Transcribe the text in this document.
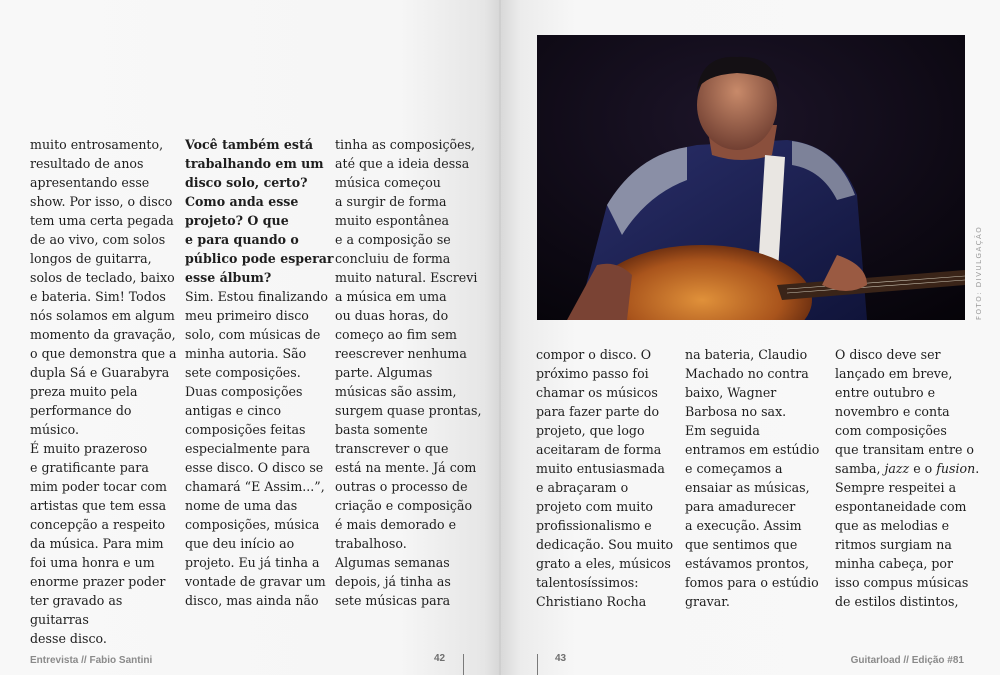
muito entrosamento,

resultado de anos

apresentando esse

show. Por isso, o disco

tem uma certa pegada

de ao vivo, com solos

longos de guitarra,

solos de teclado, baixo

e bateria. Sim! Todos

nós solamos em algum

momento da gravação,

o que demonstra que a

dupla Sá e Guarabyra

preza muito pela

performance do músico.

É muito prazeroso

e gratificante para

mim poder tocar com

artistas que tem essa

concepção a respeito

da música. Para mim

foi uma honra e um

enorme prazer poder

ter gravado as guitarras

desse disco.

Você também está

trabalhando em um

disco solo, certo?

Como anda esse

projeto? O que

e para quando o

público pode esperar

esse álbum?

Sim. Estou finalizando

meu primeiro disco

solo, com músicas de

minha autoria. São

sete composições.

Duas composições

antigas e cinco

composições feitas

especialmente para

esse disco. O disco se

chamará “E Assim...”,

nome de uma das

composições, música

que deu início ao

projeto. Eu já tinha a

vontade de gravar um

disco, mas ainda não

tinha as composições,

até que a ideia dessa

música começou

a surgir de forma

muito espontânea

e a composição se

concluiu de forma

muito natural. Escrevi

a música em uma

ou duas horas, do

começo ao fim sem

reescrever nenhuma

parte. Algumas

músicas são assim,

surgem quase prontas,

basta somente

transcrever o que

está na mente. Já com

outras o processo de

criação e composição

é mais demorado e

trabalhoso.

Algumas semanas

depois, já tinha as

sete músicas para

FOTO: DIVULGAÇÃO

compor o disco. O

próximo passo foi

chamar os músicos

para fazer parte do

projeto, que logo

aceitaram de forma

muito entusiasmada

e abraçaram o

projeto com muito

profissionalismo e

dedicação. Sou muito

grato a eles, músicos

talentosíssimos:

Christiano Rocha

na bateria, Claudio

Machado no contra

baixo, Wagner

Barbosa no sax.

Em seguida

entramos em estúdio

e começamos a

ensaiar as músicas,

para amadurecer

a execução. Assim

que sentimos que

estávamos prontos,

fomos para o estúdio

gravar.

O disco deve ser

lançado em breve,

entre outubro e

novembro e conta

com composições

que transitam entre o

samba, jazz e o fusion.

Sempre respeitei a

espontaneidade com

que as melodias e

ritmos surgiam na

minha cabeça, por

isso compus músicas

de estilos distintos,

Entrevista // Fabio Santini	42	43	Guitarload // Edição #81
